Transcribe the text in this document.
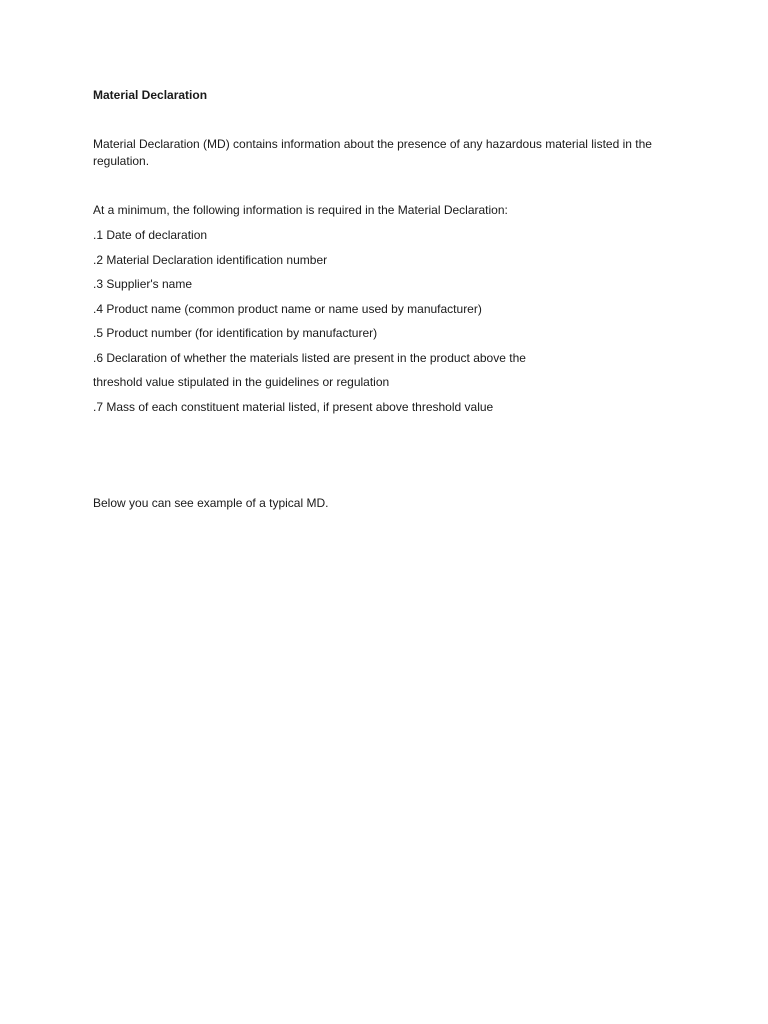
Material Declaration
Material Declaration (MD) contains information about the presence of any hazardous material listed in the regulation.
At a minimum, the following information is required in the Material Declaration:
.1 Date of declaration
.2 Material Declaration identification number
.3 Supplier's name
.4 Product name (common product name or name used by manufacturer)
.5 Product number (for identification by manufacturer)
.6 Declaration of whether the materials listed are present in the product above the
threshold value stipulated in the guidelines or regulation
.7 Mass of each constituent material listed, if present above threshold value
Below you can see example of a typical MD.
